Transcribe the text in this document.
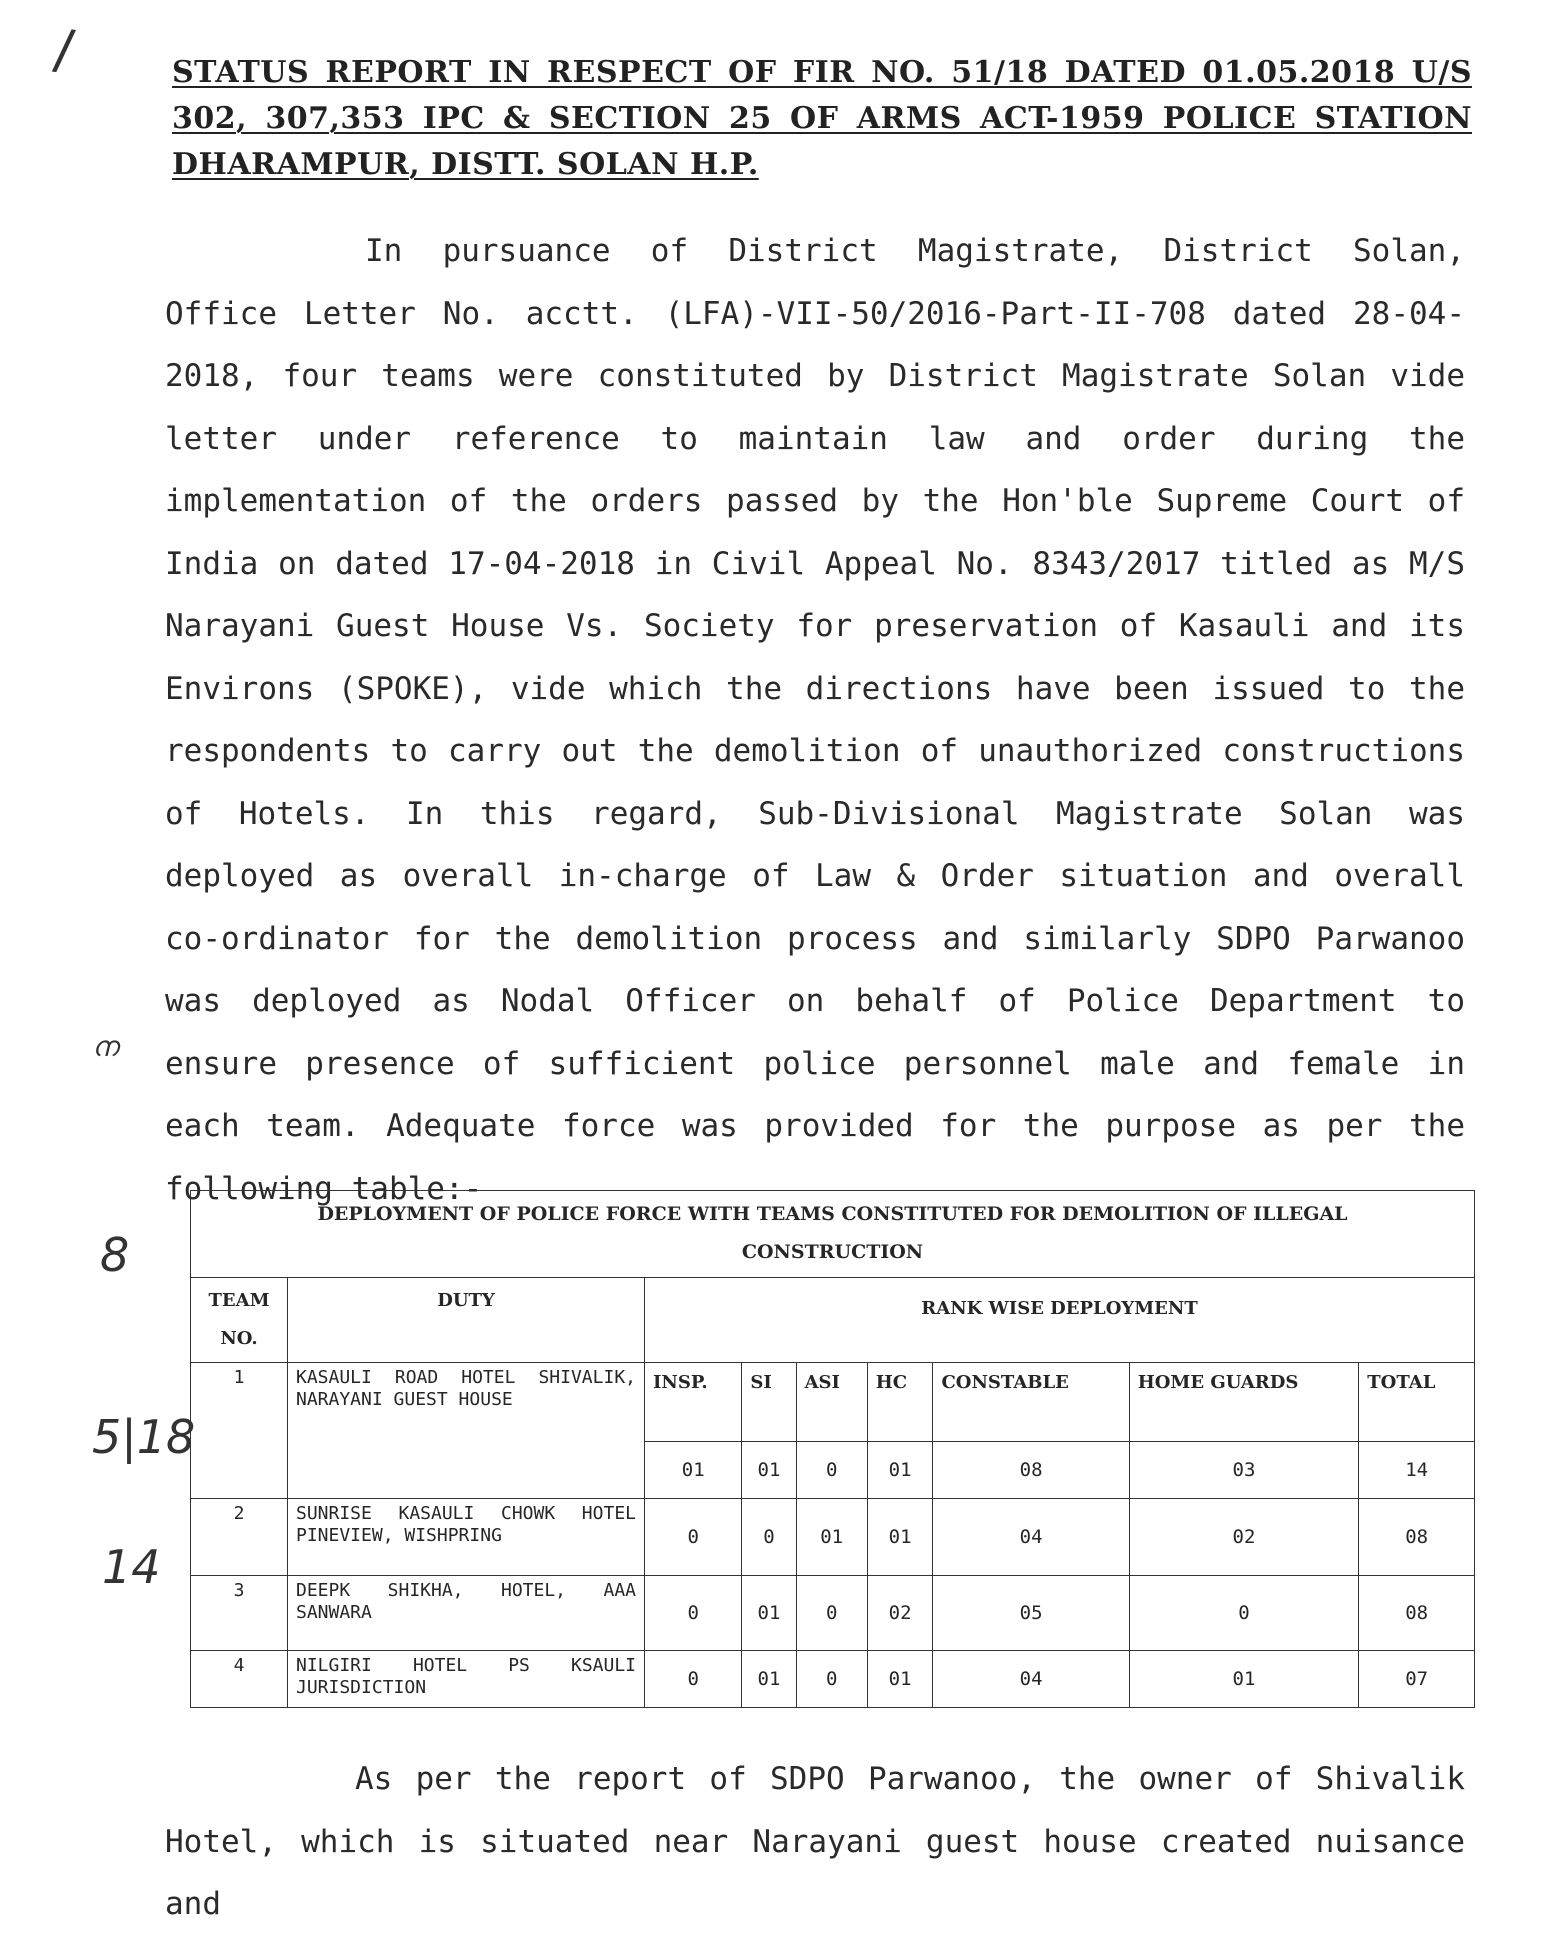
/	STATUS REPORT IN RESPECT OF FIR NO. 51/18 DATED 01.05.2018 U/S 302, 307,353 IPC & SECTION 25 OF ARMS ACT-1959 POLICE STATION DHARAMPUR, DISTT. SOLAN H.P.
In pursuance of District Magistrate, District Solan, Office Letter No. acctt. (LFA)-VII-50/2016-Part-II-708 dated 28-04-2018, four teams were constituted by District Magistrate Solan vide letter under reference to maintain law and order during the implementation of the orders passed by the Hon'ble Supreme Court of India on dated 17-04-2018 in Civil Appeal No. 8343/2017 titled as M/S Narayani Guest House Vs. Society for preservation of Kasauli and its Environs (SPOKE), vide which the directions have been issued to the respondents to carry out the demolition of unauthorized constructions of Hotels. In this regard, Sub-Divisional Magistrate Solan was deployed as overall in-charge of Law & Order situation and overall co-ordinator for the demolition process and similarly SDPO Parwanoo was deployed as Nodal Officer on behalf of Police Department to ensure presence of sufficient police personnel male and female in each team. Adequate force was provided for the purpose as per the following table:-
ന
8
5|18
14
DEPLOYMENT OF POLICE FORCE WITH TEAMS CONSTITUTED FOR DEMOLITION OF ILLEGAL CONSTRUCTION								
TEAM NO.	DUTY	RANK WISE DEPLOYMENT						
1	KASAULI ROAD HOTEL SHIVALIK, NARAYANI GUEST HOUSE	INSP.	SI	ASI	HC	CONSTABLE	HOME GUARDS	TOTAL
		01	01	0	01	08	03	14
2	SUNRISE KASAULI CHOWK HOTEL PINEVIEW, WISHPRING	0	0	01	01	04	02	08
3	DEEPK SHIKHA, HOTEL, AAA SANWARA	0	01	0	02	05	0	08
4	NILGIRI HOTEL PS KSAULI JURISDICTION	0	01	0	01	04	01	07
As per the report of SDPO Parwanoo, the owner of Shivalik Hotel, which is situated near Narayani guest house created nuisance and
